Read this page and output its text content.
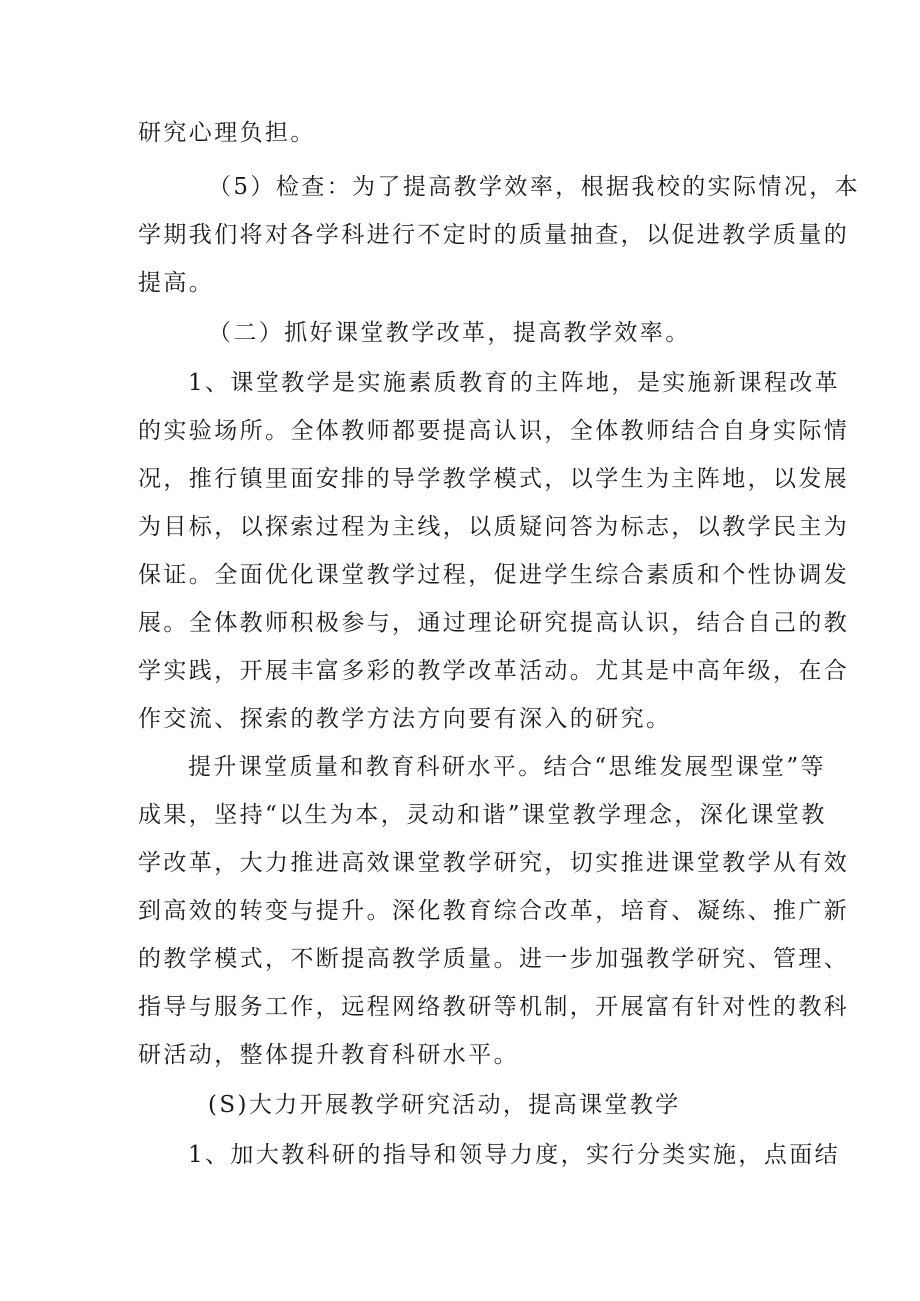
研究心理负担。
（5）检查：为了提高教学效率，根据我校的实际情况，本
学期我们将对各学科进行不定时的质量抽查，以促进教学质量的
提高。
（二）抓好课堂教学改革，提高教学效率。
1、课堂教学是实施素质教育的主阵地，是实施新课程改革
的实验场所。全体教师都要提高认识，全体教师结合自身实际情
况，推行镇里面安排的导学教学模式，以学生为主阵地，以发展
为目标，以探索过程为主线，以质疑问答为标志，以教学民主为
保证。全面优化课堂教学过程，促进学生综合素质和个性协调发
展。全体教师积极参与，通过理论研究提高认识，结合自己的教
学实践，开展丰富多彩的教学改革活动。尤其是中高年级，在合
作交流、探索的教学方法方向要有深入的研究。
提升课堂质量和教育科研水平。结合“思维发展型课堂”等
成果，坚持“以生为本，灵动和谐”课堂教学理念，深化课堂教
学改革，大力推进高效课堂教学研究，切实推进课堂教学从有效
到高效的转变与提升。深化教育综合改革，培育、凝练、推广新
的教学模式，不断提高教学质量。进一步加强教学研究、管理、
指导与服务工作，远程网络教研等机制，开展富有针对性的教科
研活动，整体提升教育科研水平。
(S)大力开展教学研究活动，提高课堂教学
1、加大教科研的指导和领导力度，实行分类实施，点面结
